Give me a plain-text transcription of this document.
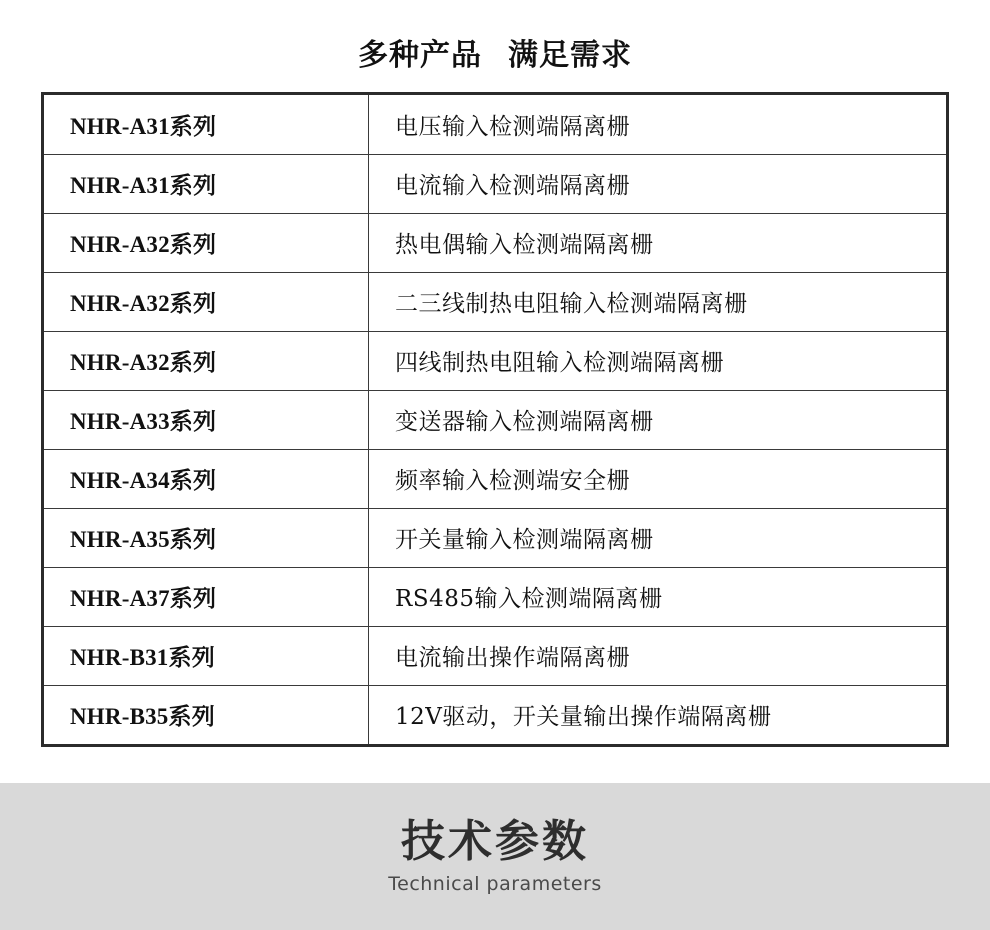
多种产品 满足需求
NHR-A31系列	电压输入检测端隔离栅
NHR-A31系列	电流输入检测端隔离栅
NHR-A32系列	热电偶输入检测端隔离栅
NHR-A32系列	二三线制热电阻输入检测端隔离栅
NHR-A32系列	四线制热电阻输入检测端隔离栅
NHR-A33系列	变送器输入检测端隔离栅
NHR-A34系列	频率输入检测端安全栅
NHR-A35系列	开关量输入检测端隔离栅
NHR-A37系列	RS485输入检测端隔离栅
NHR-B31系列	电流输出操作端隔离栅
NHR-B35系列	12V驱动，开关量输出操作端隔离栅
技术参数
Technical parameters
